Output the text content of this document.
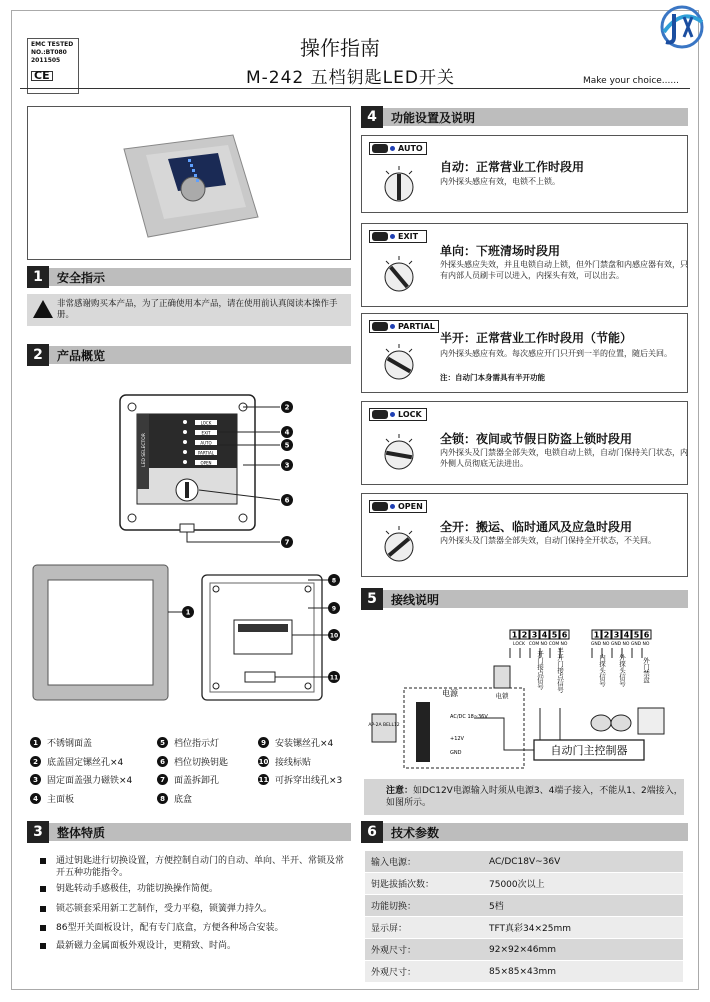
EMC TESTED
NO.:BT080
2011505
CE
操作指南
M-242 五档钥匙LED开关	Make your choice......
1	安全指示
非常感谢购买本产品，为了正确使用本产品，请在使用前认真阅读本操作手册。
2	产品概览
LOCK
EXIT
AUTO
PARTIAL
OPEN
LED SELECTOR
2
4
5
3
6
7
1
8
9
10
11
1	不锈钢面盖
2	底盖固定镙丝孔×4
3	固定面盖强力磁铁×4
4	主面板
5	档位指示灯
6	档位切换钥匙
7	面盖拆卸孔
8	底盒
9	安装镙丝孔×4
10 接线标贴
11 可拆穿出线孔×3
3	整体特质
通过钥匙进行切换设置，方便控制自动门的自动、单向、半开、常锁及常开五种功能指令。
钥匙转动手感极佳，功能切换操作简便。
锁芯锁套采用新工艺制作，受力平稳，锁簧弹力持久。
86型开关面板设计，配有专门底盒，方便各种场合安装。
最新磁力金属面板外观设计，更精致、时尚。
4	功能设置及说明
AUTO
自动：正常营业工作时段用
内外探头感应有效，电锁不上锁。
EXIT
单向：下班清场时段用
外探头感应失效，并且电锁自动上锁，但外门禁盘和内感应器有效，只有内部人员刷卡可以进入，内探头有效，可以出去。
PARTIAL
半开：正常营业工作时段用（节能）
内外探头感应有效。每次感应开门只开到一半的位置，随后关回。
注：自动门本身需具有半开功能
LOCK
全锁：夜间或节假日防盗上锁时段用
内外探头及门禁器全部失效，电锁自动上锁，自动门保持关门状态，内外侧人员彻底无法进出。
OPEN
全开：搬运、临时通风及应急时段用
内外探头及门禁器全部失效，自动门保持全开状态，不关回。
5	接线说明
1 2 3 4 5 6	1 2 3 4 5 6
LOCK COM NO COM NO	GND NO GND NO GND NO
开门接点信号 半开门接点信号	内探头信号 外探头信号 外门禁盘
电锁
电源
AC/DC 18~36V
+12V
GND
AP-2A BELL12
自动门主控制器
注意：如DC12V电源输入时须从电源3、4端子接入，不能从1、2端接入，如图所示。
6	技术参数
输入电源：	AC/DC18V~36V
钥匙拔插次数：	75000次以上
功能切换：	5档
显示屏：	TFT真彩34×25mm
外观尺寸：	92×92×46mm
外观尺寸：	85×85×43mm
